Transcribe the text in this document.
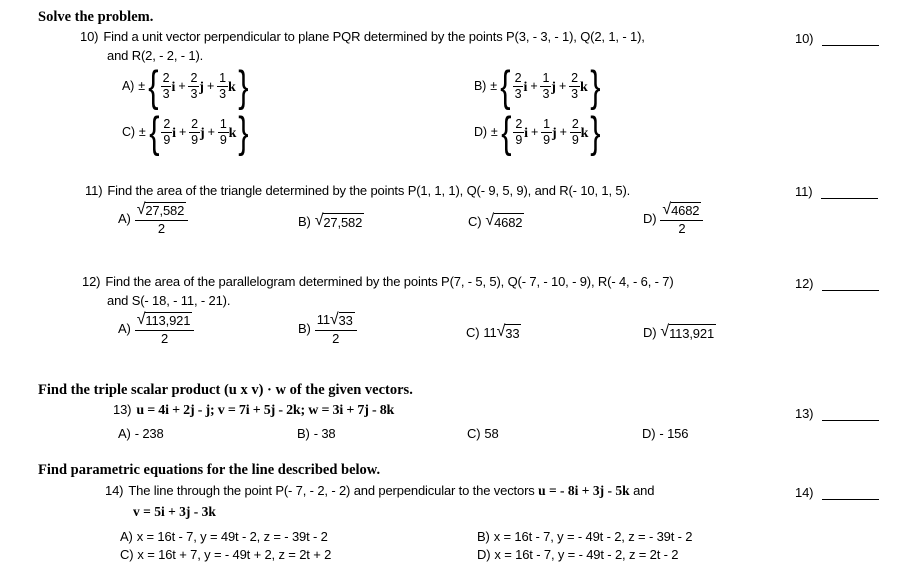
Solve the problem.
10) Find a unit vector perpendicular to plane PQR determined by the points P(3, - 3, - 1), Q(2, 1, - 1),
and R(2, - 2, - 1).
A) ± { $\frac{2}{3}$ $i + \frac{2}{3}$ $j + \frac{1}{3}$ k }	B) ± { $\frac{2}{3}$ $i + \frac{1}{3}$ $j + \frac{2}{3}$ k }
C) ± { $\frac{2}{9}$ $i + \frac{2}{9}$ $j + \frac{1}{9}$ k }	D) ± { $\frac{2}{9}$ $i + \frac{1}{9}$ $j + \frac{2}{9}$ k }
11) Find the area of the triangle determined by the points P(1, 1, 1), Q(- 9, 5, 9), and R(- 10, 1, 5).
$A) \frac{√ 27,582}{2}$	B) √ 27,582	C) √ 4682	$D) \frac{√ 4682}{2}$
12) Find the area of the parallelogram determined by the points P(7, - 5, 5), Q(- 7, - 10, - 9), R(- 4, - 6, - 7)
and S(- 18, - 11, - 21).
$A) \frac{√ 113,921}{2}$	$B) \frac{11 √ 33}{2}$	C) 11 √ 33	D) √ 113,921
Find the triple scalar product (u x v) · w of the given vectors.
13) u = 4i + 2j - j; v = 7i + 5j - 2k; w = 3i + 7j - 8k
A) - 238	B) - 38	C) 58	D) - 156
Find parametric equations for the line described below.
14) The line through the point P(- 7, - 2, - 2) and perpendicular to the vectors u = - 8i + 3j - 5k and
v = 5i + 3j - 3k
A) x = 16t - 7, y = 49t - 2, z = - 39t - 2	B) x = 16t - 7, y = - 49t - 2, z = - 39t - 2
C) x = 16t + 7, y = - 49t + 2, z = 2t + 2	D) x = 16t - 7, y = - 49t - 2, z = 2t - 2
10)
11)
12)
13)
14)
